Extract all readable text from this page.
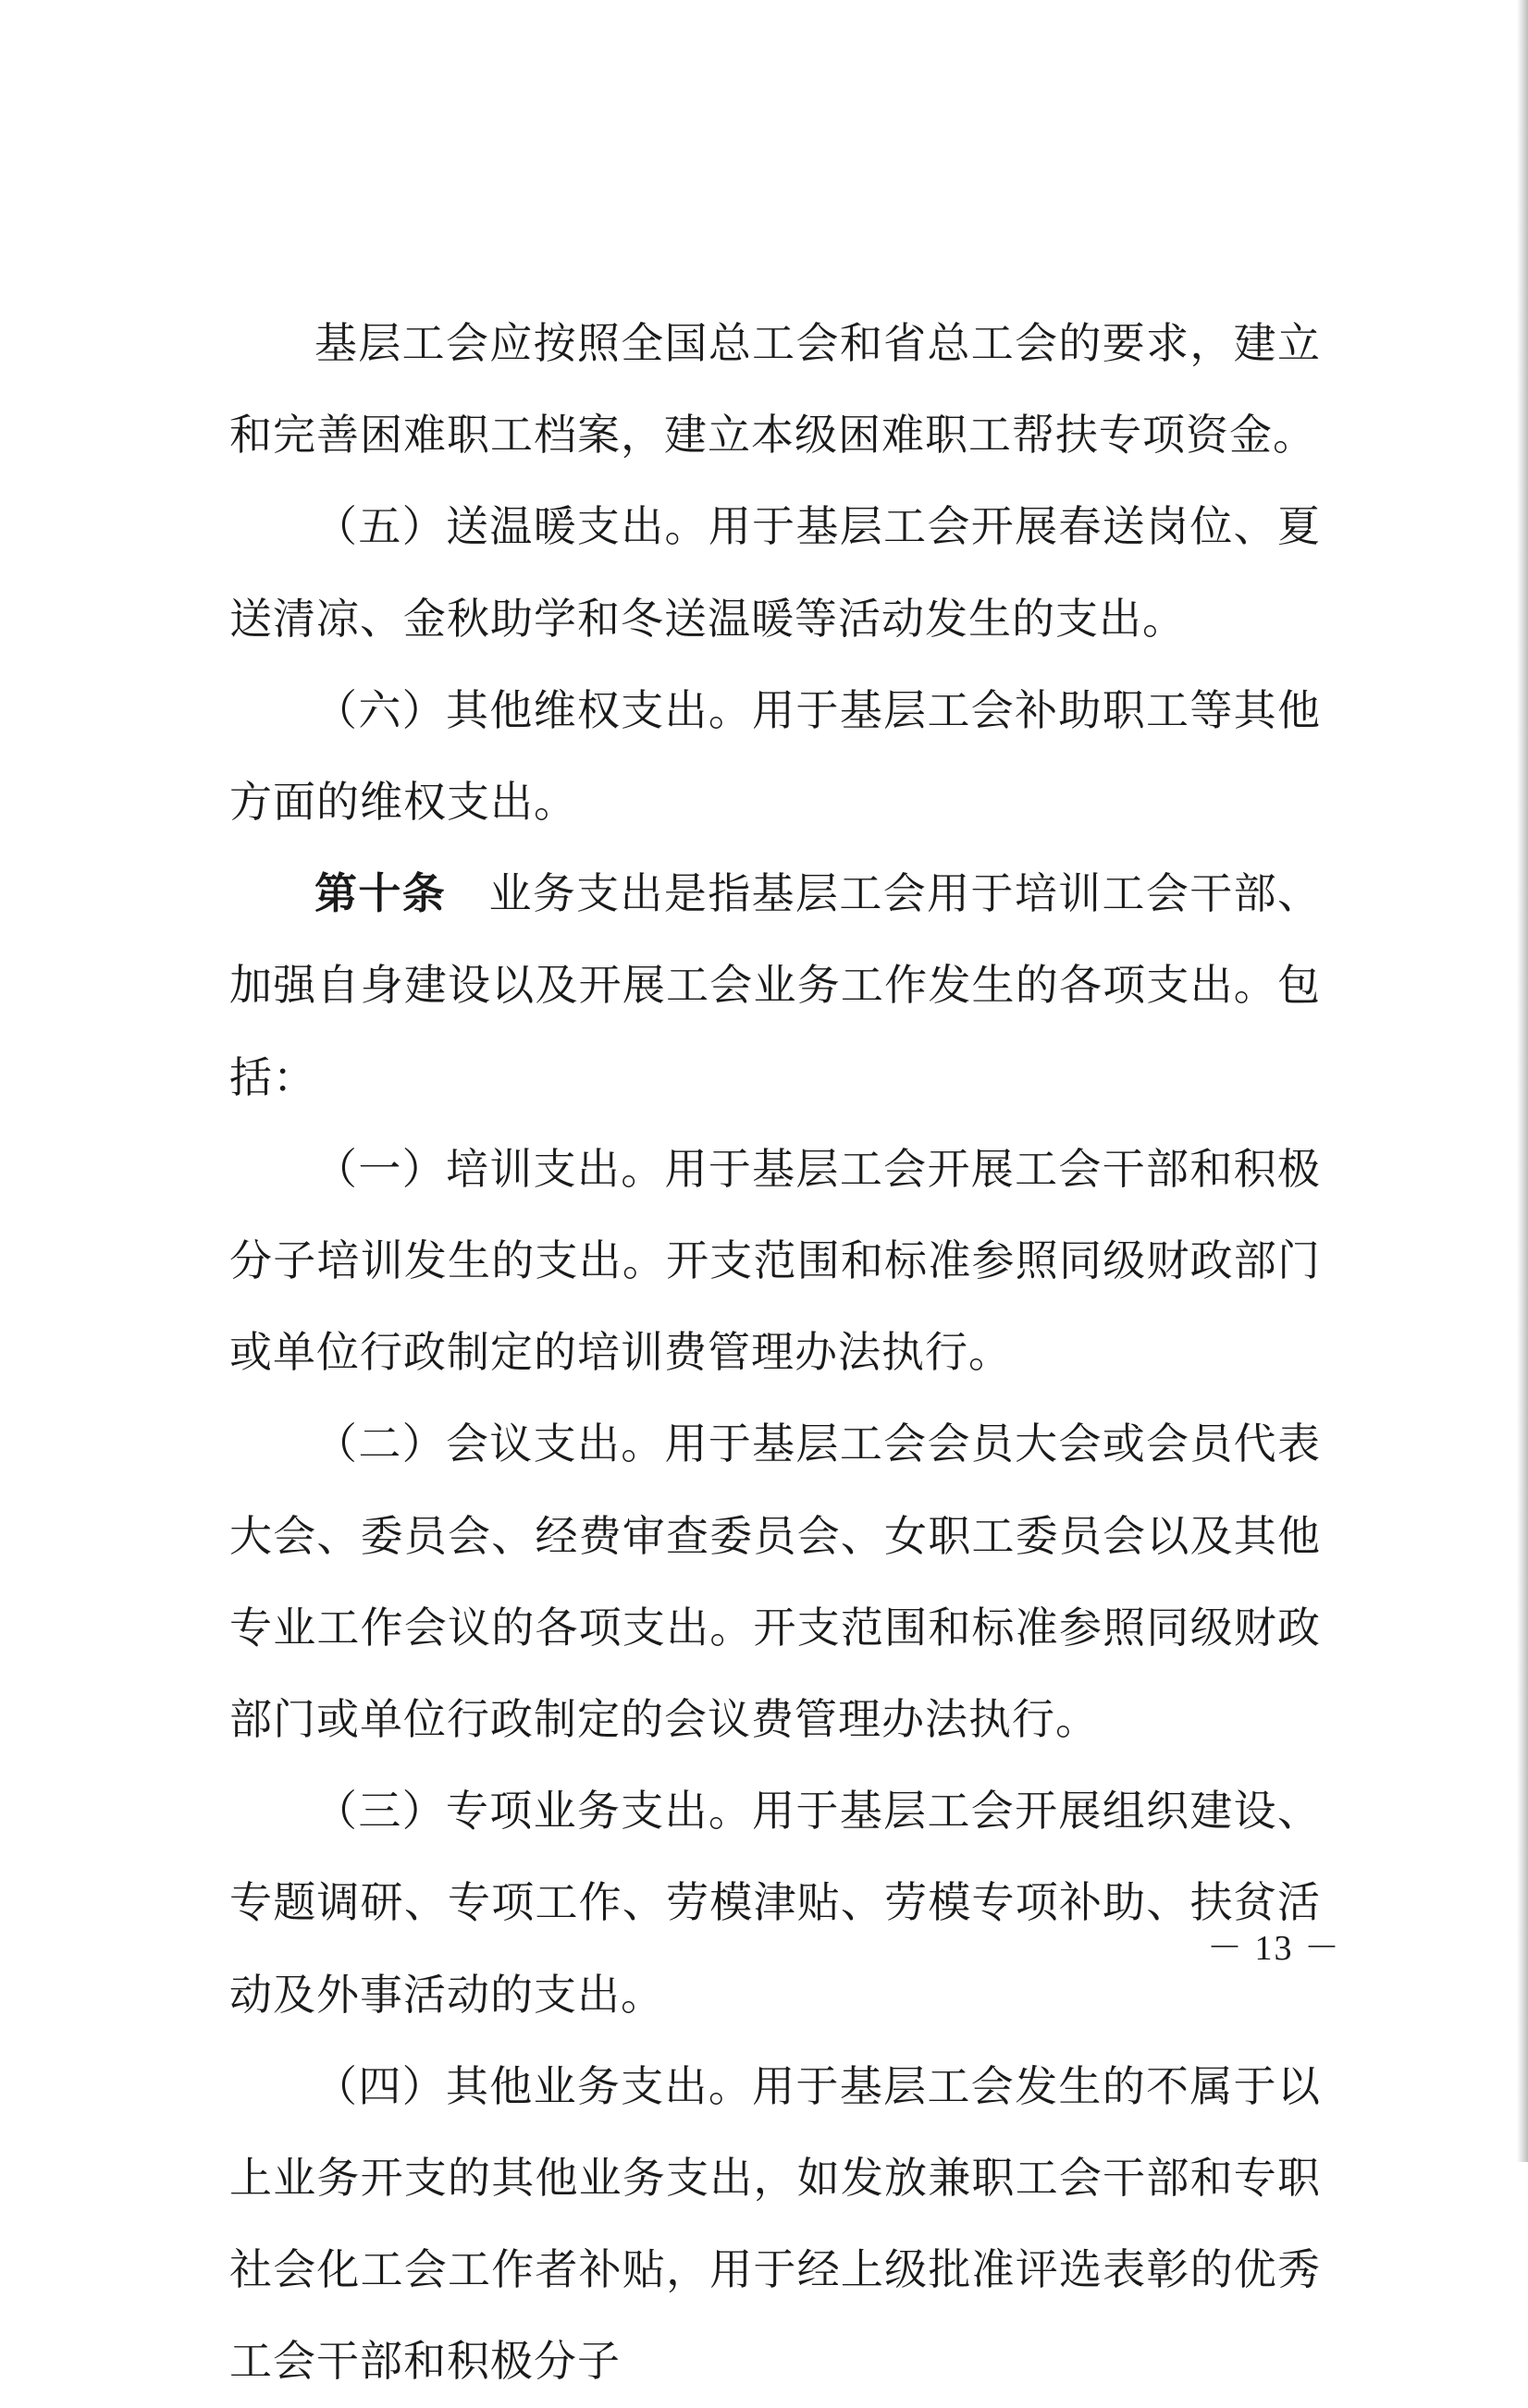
基层工会应按照全国总工会和省总工会的要求，建立和完善困难职工档案，建立本级困难职工帮扶专项资金。

（五）送温暖支出。用于基层工会开展春送岗位、夏送清凉、金秋助学和冬送温暖等活动发生的支出。

（六）其他维权支出。用于基层工会补助职工等其他方面的维权支出。

第十条 业务支出是指基层工会用于培训工会干部、加强自身建设以及开展工会业务工作发生的各项支出。包括：

（一）培训支出。用于基层工会开展工会干部和积极分子培训发生的支出。开支范围和标准参照同级财政部门或单位行政制定的培训费管理办法执行。

（二）会议支出。用于基层工会会员大会或会员代表大会、委员会、经费审查委员会、女职工委员会以及其他专业工作会议的各项支出。开支范围和标准参照同级财政部门或单位行政制定的会议费管理办法执行。

（三）专项业务支出。用于基层工会开展组织建设、专题调研、专项工作、劳模津贴、劳模专项补助、扶贫活动及外事活动的支出。

（四）其他业务支出。用于基层工会发生的不属于以上业务开支的其他业务支出，如发放兼职工会干部和专职社会化工会工作者补贴，用于经上级批准评选表彰的优秀工会干部和积极分子

－ 13 －
